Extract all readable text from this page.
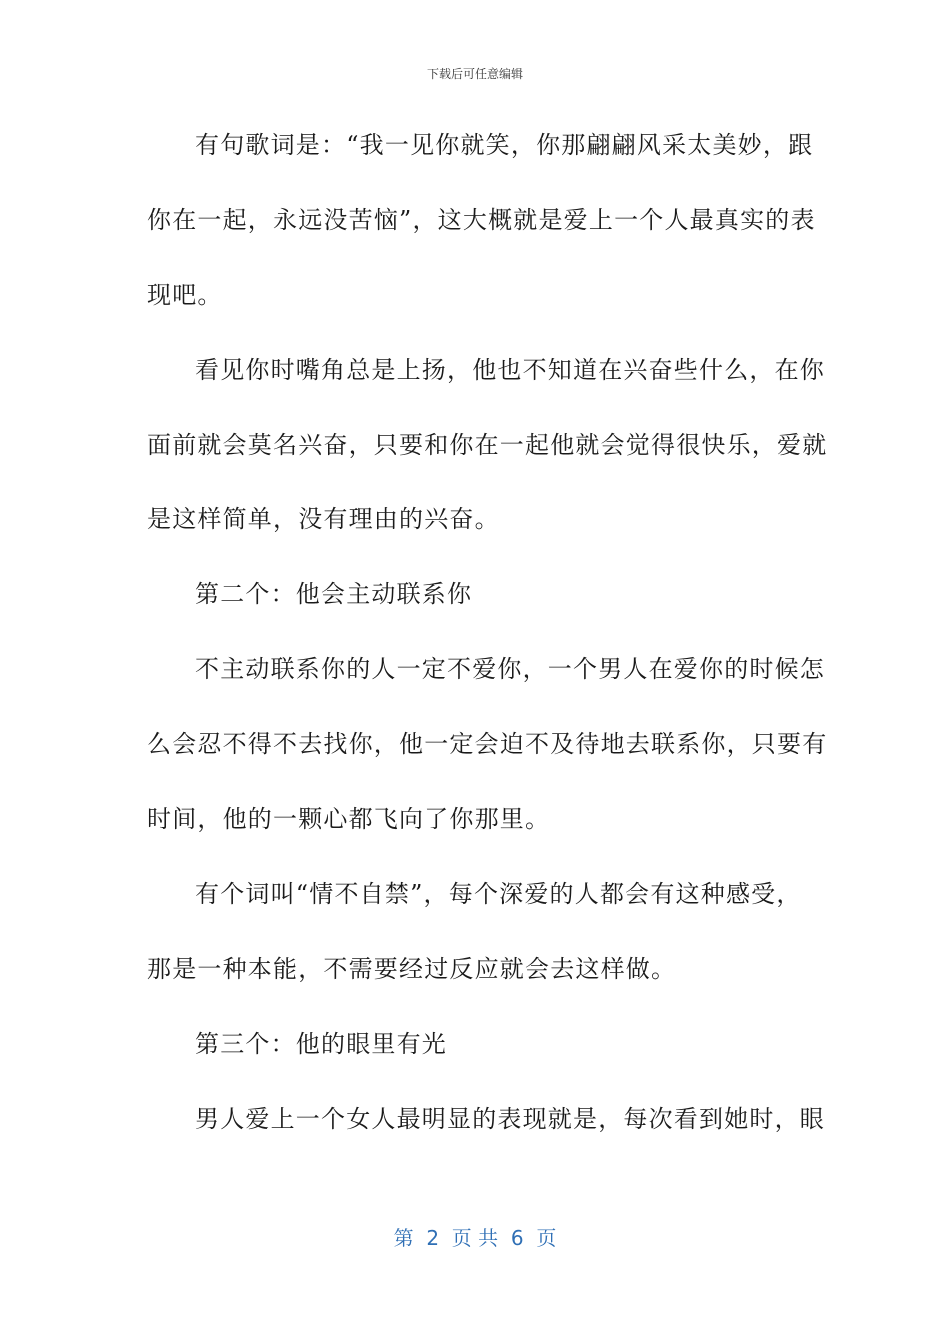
下载后可任意编辑
有句歌词是：“我一见你就笑，你那翩翩风采太美妙，跟
你在一起，永远没苦恼”，这大概就是爱上一个人最真实的表
现吧。
看见你时嘴角总是上扬，他也不知道在兴奋些什么，在你
面前就会莫名兴奋，只要和你在一起他就会觉得很快乐，爱就
是这样简单，没有理由的兴奋。
第二个：他会主动联系你
不主动联系你的人一定不爱你，一个男人在爱你的时候怎
么会忍不得不去找你，他一定会迫不及待地去联系你，只要有
时间，他的一颗心都飞向了你那里。
有个词叫“情不自禁”，每个深爱的人都会有这种感受，
那是一种本能，不需要经过反应就会去这样做。
第三个：他的眼里有光
男人爱上一个女人最明显的表现就是，每次看到她时，眼
第  2  页 共  6  页
